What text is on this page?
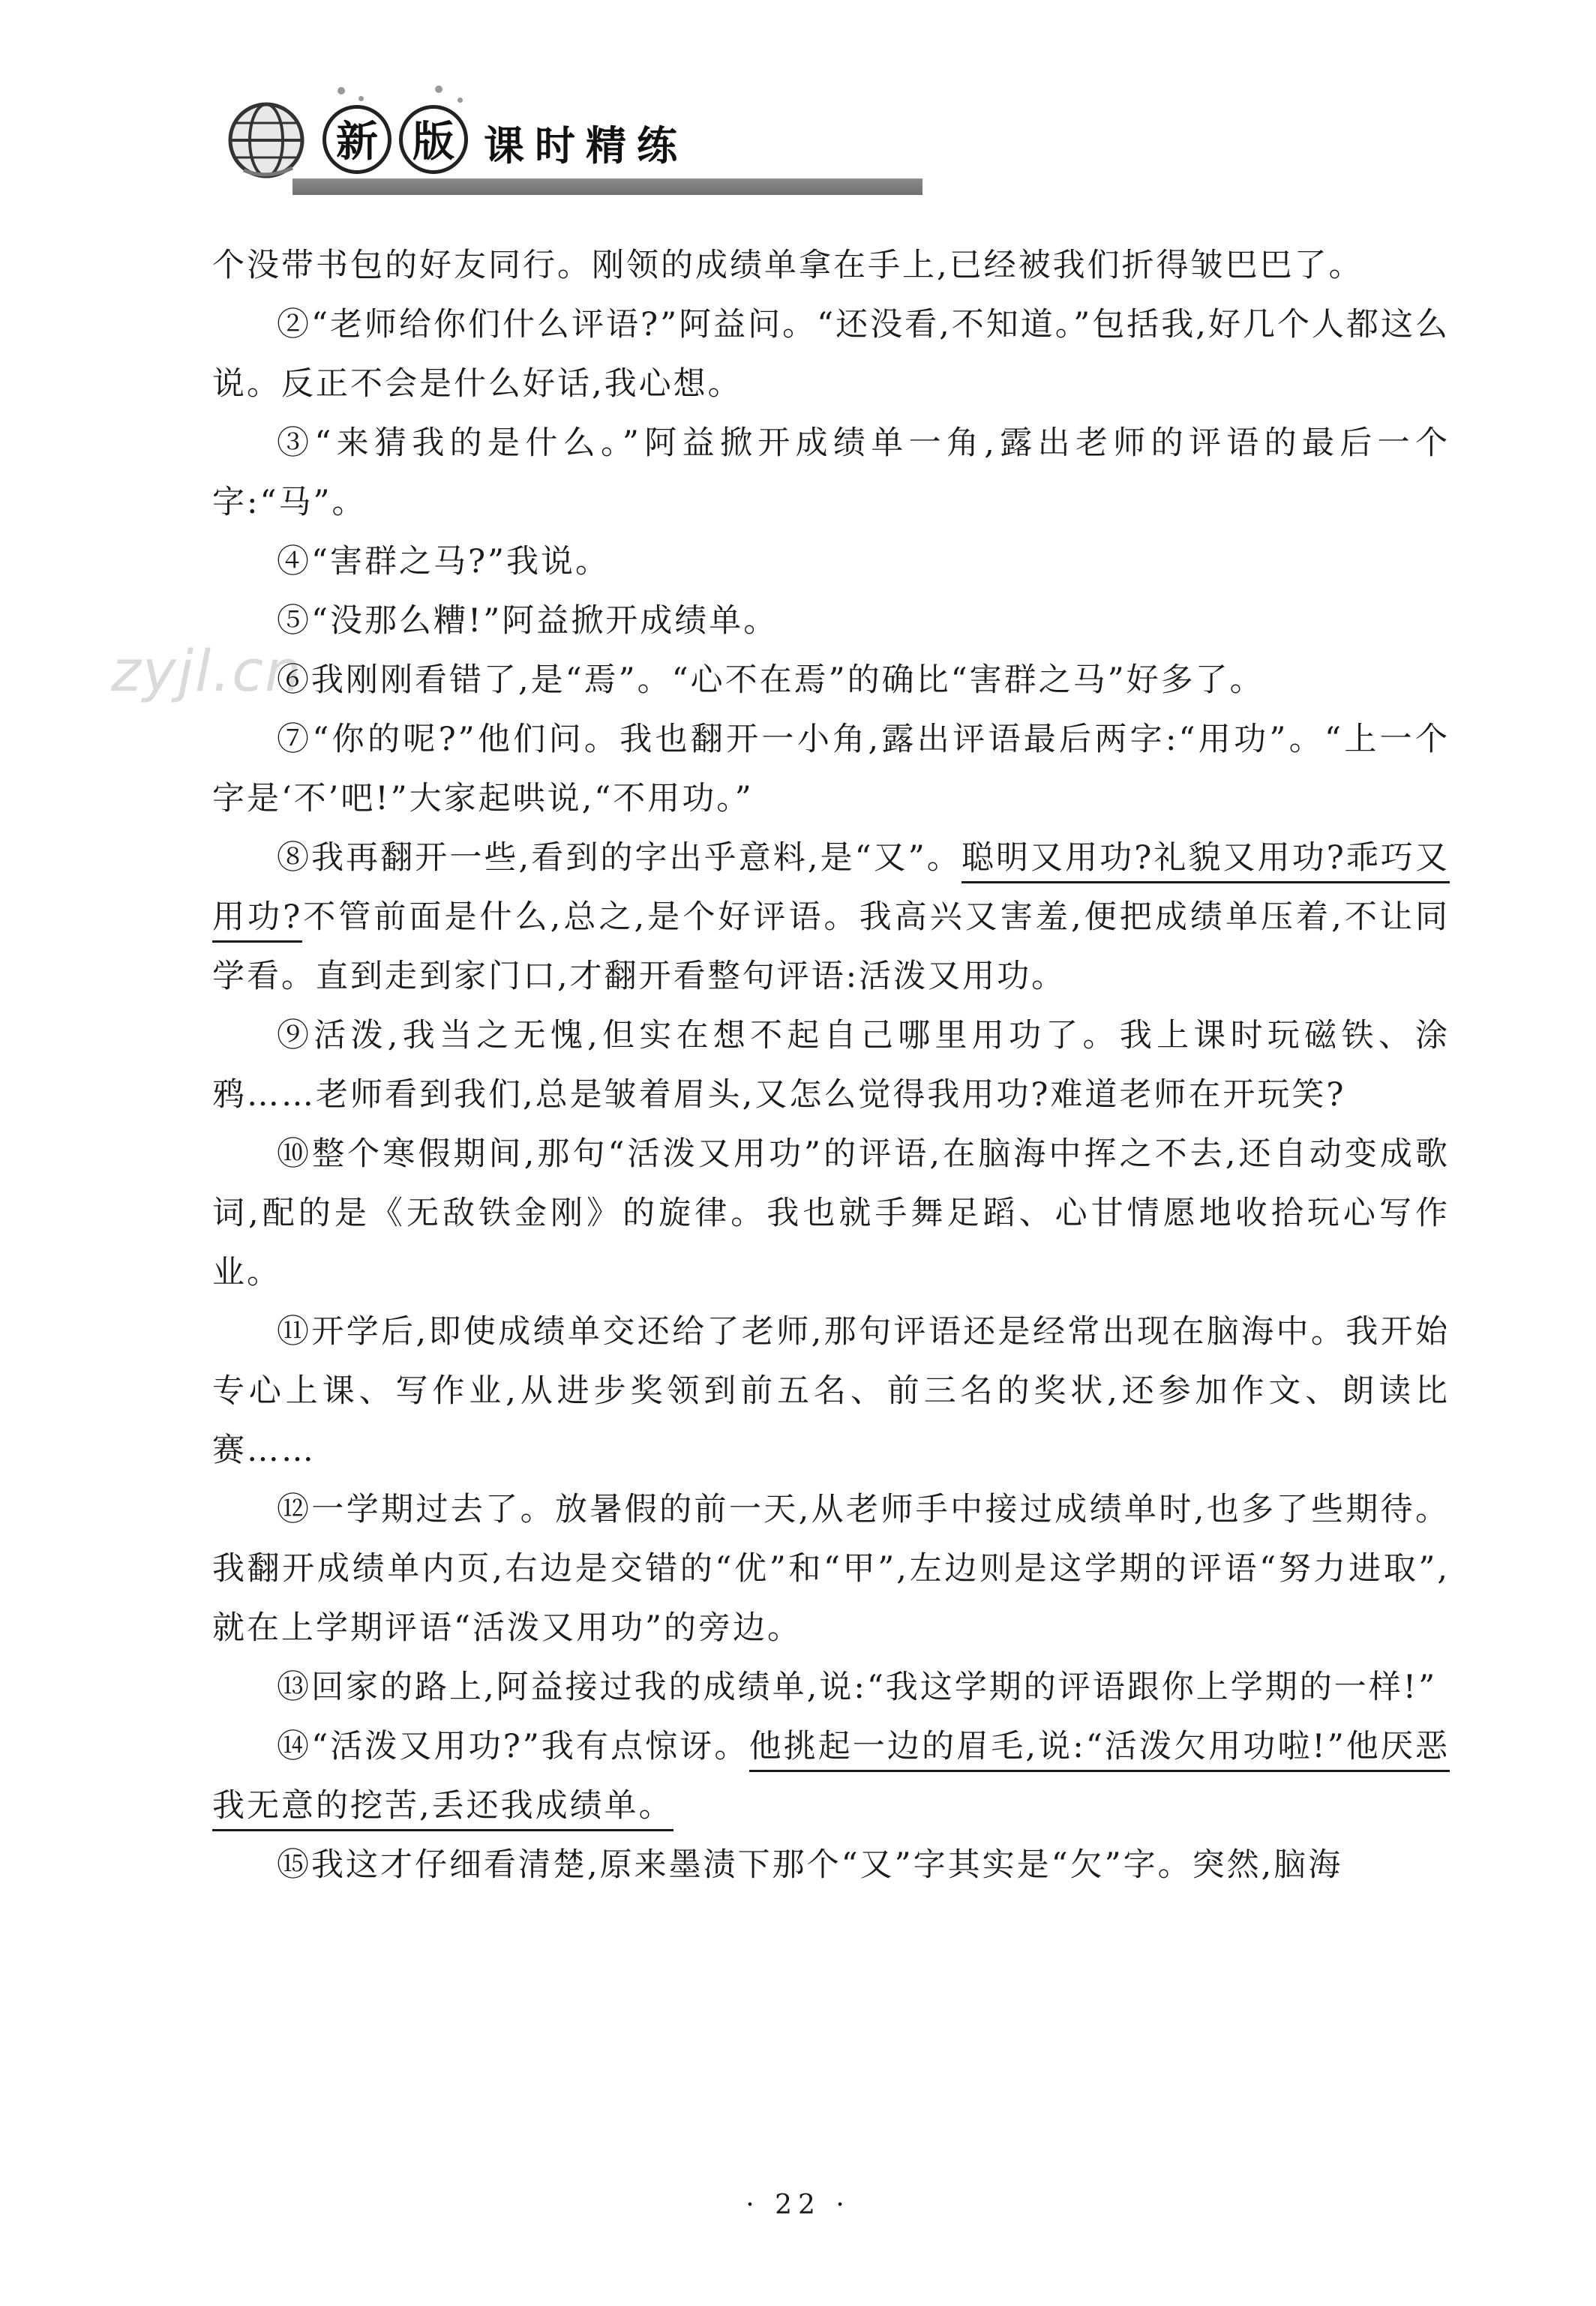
新 版 课时精练
zyjl.cn

个没带书包的好友同行。刚领的成绩单拿在手上,已经被我们折得皱巴巴了。

②“老师给你们什么评语?”阿益问。“还没看,不知道。”包括我,好几个人都这么说。反正不会是什么好话,我心想。

③“来猜我的是什么。”阿益掀开成绩单一角,露出老师的评语的最后一个字:“马”。

④“害群之马?”我说。

⑤“没那么糟!”阿益掀开成绩单。

⑥我刚刚看错了,是“焉”。“心不在焉”的确比“害群之马”好多了。

⑦“你的呢?”他们问。我也翻开一小角,露出评语最后两字:“用功”。“上一个字是‘不’吧!”大家起哄说,“不用功。”

⑧我再翻开一些,看到的字出乎意料,是“又”。聪明又用功?礼貌又用功?乖巧又用功?不管前面是什么,总之,是个好评语。我高兴又害羞,便把成绩单压着,不让同学看。直到走到家门口,才翻开看整句评语:活泼又用功。

⑨活泼,我当之无愧,但实在想不起自己哪里用功了。我上课时玩磁铁、涂鸦……老师看到我们,总是皱着眉头,又怎么觉得我用功?难道老师在开玩笑?

⑩整个寒假期间,那句“活泼又用功”的评语,在脑海中挥之不去,还自动变成歌词,配的是《无敌铁金刚》的旋律。我也就手舞足蹈、心甘情愿地收拾玩心写作业。

⑪开学后,即使成绩单交还给了老师,那句评语还是经常出现在脑海中。我开始专心上课、写作业,从进步奖领到前五名、前三名的奖状,还参加作文、朗读比赛……

⑫一学期过去了。放暑假的前一天,从老师手中接过成绩单时,也多了些期待。我翻开成绩单内页,右边是交错的“优”和“甲”,左边则是这学期的评语“努力进取”,就在上学期评语“活泼又用功”的旁边。

⑬回家的路上,阿益接过我的成绩单,说:“我这学期的评语跟你上学期的一样!”

⑭“活泼又用功?”我有点惊讶。他挑起一边的眉毛,说:“活泼欠用功啦!”他厌恶我无意的挖苦,丢还我成绩单。

⑮我这才仔细看清楚,原来墨渍下那个“又”字其实是“欠”字。突然,脑海

· 22 ·
